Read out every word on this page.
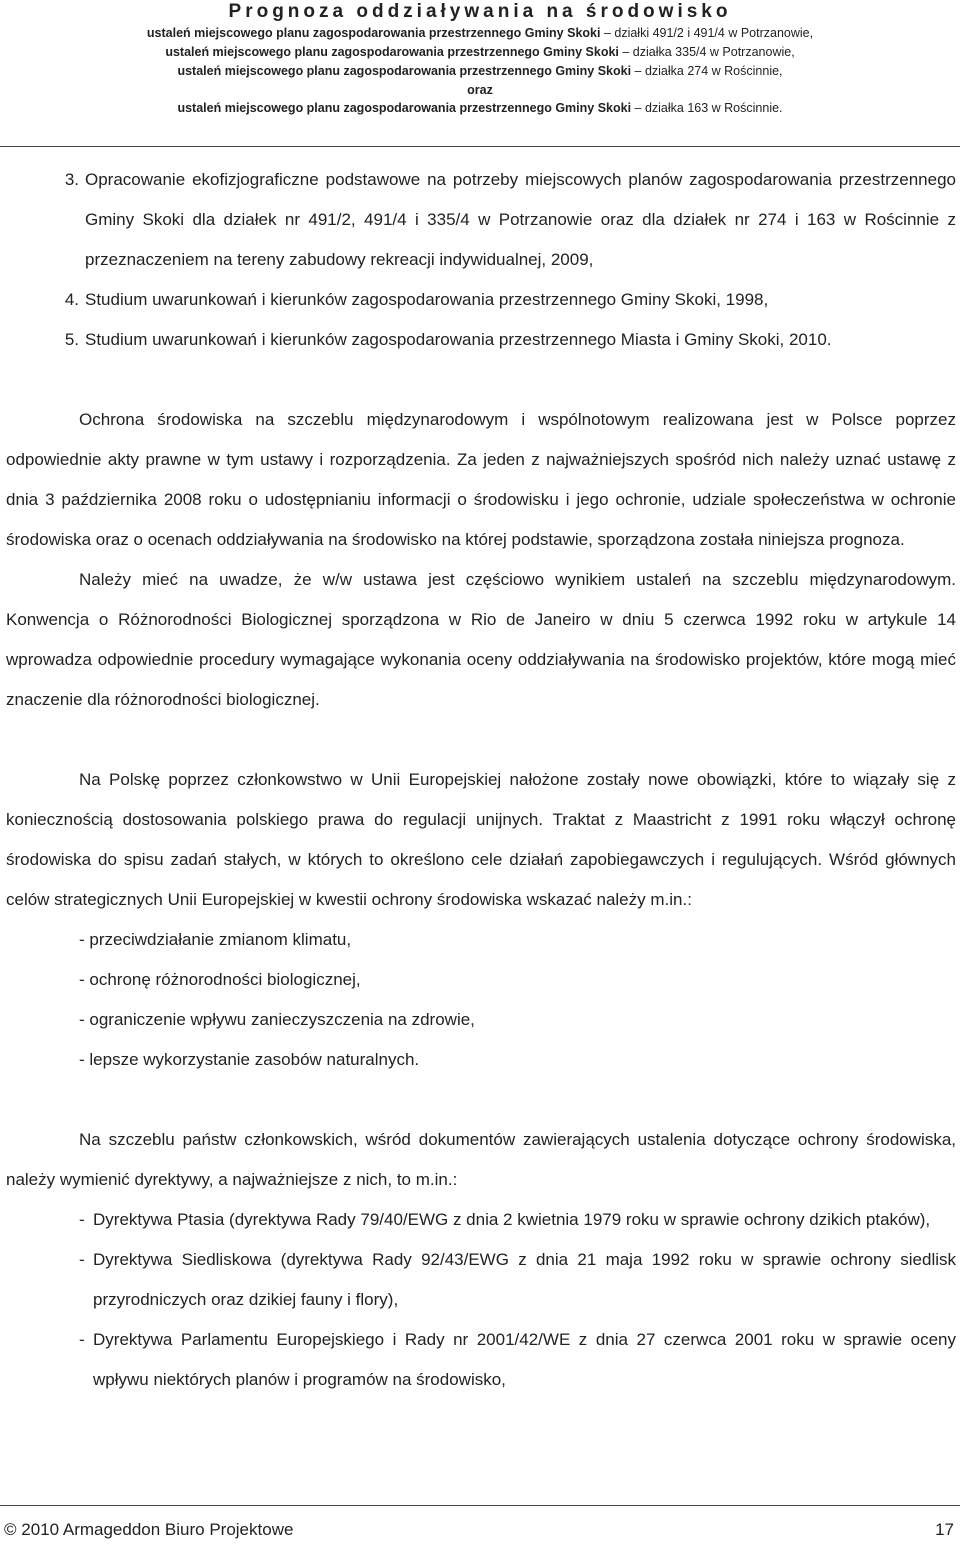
Prognoza oddziaływania na środowisko
ustaleń miejscowego planu zagospodarowania przestrzennego Gminy Skoki – działki 491/2 i 491/4 w Potrzanowie,
ustaleń miejscowego planu zagospodarowania przestrzennego Gminy Skoki – działka 335/4 w Potrzanowie,
ustaleń miejscowego planu zagospodarowania przestrzennego Gminy Skoki – działka 274 w Rościnnie,
oraz
ustaleń miejscowego planu zagospodarowania przestrzennego Gminy Skoki – działka 163 w Rościnnie.
3. Opracowanie ekofizjograficzne podstawowe na potrzeby miejscowych planów zagospodarowania przestrzennego Gminy Skoki dla działek nr 491/2, 491/4 i 335/4 w Potrzanowie oraz dla działek nr 274 i 163 w Rościnnie z przeznaczeniem na tereny zabudowy rekreacji indywidualnej, 2009,
4. Studium uwarunkowań i kierunków zagospodarowania przestrzennego Gminy Skoki, 1998,
5. Studium uwarunkowań i kierunków zagospodarowania przestrzennego Miasta i Gminy Skoki, 2010.

Ochrona środowiska na szczeblu międzynarodowym i wspólnotowym realizowana jest w Polsce poprzez odpowiednie akty prawne w tym ustawy i rozporządzenia. Za jeden z najważniejszych spośród nich należy uznać ustawę z dnia 3 października 2008 roku o udostępnianiu informacji o środowisku i jego ochronie, udziale społeczeństwa w ochronie środowiska oraz o ocenach oddziaływania na środowisko na której podstawie, sporządzona została niniejsza prognoza.

Należy mieć na uwadze, że w/w ustawa jest częściowo wynikiem ustaleń na szczeblu międzynarodowym. Konwencja o Różnorodności Biologicznej sporządzona w Rio de Janeiro w dniu 5 czerwca 1992 roku w artykule 14 wprowadza odpowiednie procedury wymagające wykonania oceny oddziaływania na środowisko projektów, które mogą mieć znaczenie dla różnorodności biologicznej.

Na Polskę poprzez członkowstwo w Unii Europejskiej nałożone zostały nowe obowiązki, które to wiązały się z koniecznością dostosowania polskiego prawa do regulacji unijnych. Traktat z Maastricht z 1991 roku włączył ochronę środowiska do spisu zadań stałych, w których to określono cele działań zapobiegawczych i regulujących. Wśród głównych celów strategicznych Unii Europejskiej w kwestii ochrony środowiska wskazać należy m.in.:

- przeciwdziałanie zmianom klimatu,
- ochronę różnorodności biologicznej,
- ograniczenie wpływu zanieczyszczenia na zdrowie,
- lepsze wykorzystanie zasobów naturalnych.

Na szczeblu państw członkowskich, wśród dokumentów zawierających ustalenia dotyczące ochrony środowiska, należy wymienić dyrektywy, a najważniejsze z nich, to m.in.:

- Dyrektywa Ptasia (dyrektywa Rady 79/40/EWG z dnia 2 kwietnia 1979 roku w sprawie ochrony dzikich ptaków),
- Dyrektywa Siedliskowa (dyrektywa Rady 92/43/EWG z dnia 21 maja 1992 roku w sprawie ochrony siedlisk przyrodniczych oraz dzikiej fauny i flory),
- Dyrektywa Parlamentu Europejskiego i Rady nr 2001/42/WE z dnia 27 czerwca 2001 roku w sprawie oceny wpływu niektórych planów i programów na środowisko,
© 2010 Armageddon Biuro Projektowe	17
